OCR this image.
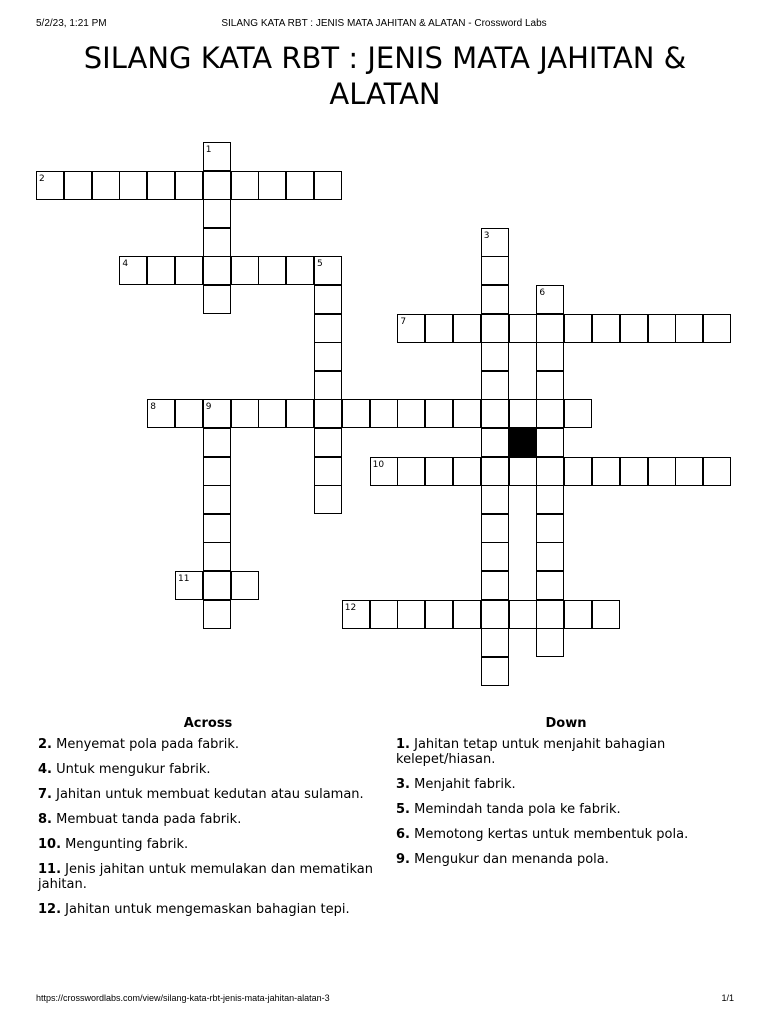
5/2/23, 1:21 PM	SILANG KATA RBT : JENIS MATA JAHITAN & ALATAN - Crossword Labs
SILANG KATA RBT : JENIS MATA JAHITAN & ALATAN
1
2
3
4	5
6
7
8	9
10
11
12
Across
2. Menyemat pola pada fabrik.
4. Untuk mengukur fabrik.
7. Jahitan untuk membuat kedutan atau sulaman.
8. Membuat tanda pada fabrik.
10. Mengunting fabrik.
11. Jenis jahitan untuk memulakan dan mematikan jahitan.
12. Jahitan untuk mengemaskan bahagian tepi.
Down
1. Jahitan tetap untuk menjahit bahagian kelepet/hiasan.
3. Menjahit fabrik.
5. Memindah tanda pola ke fabrik.
6. Memotong kertas untuk membentuk pola.
9. Mengukur dan menanda pola.
https://crosswordlabs.com/view/silang-kata-rbt-jenis-mata-jahitan-alatan-3	1/1
